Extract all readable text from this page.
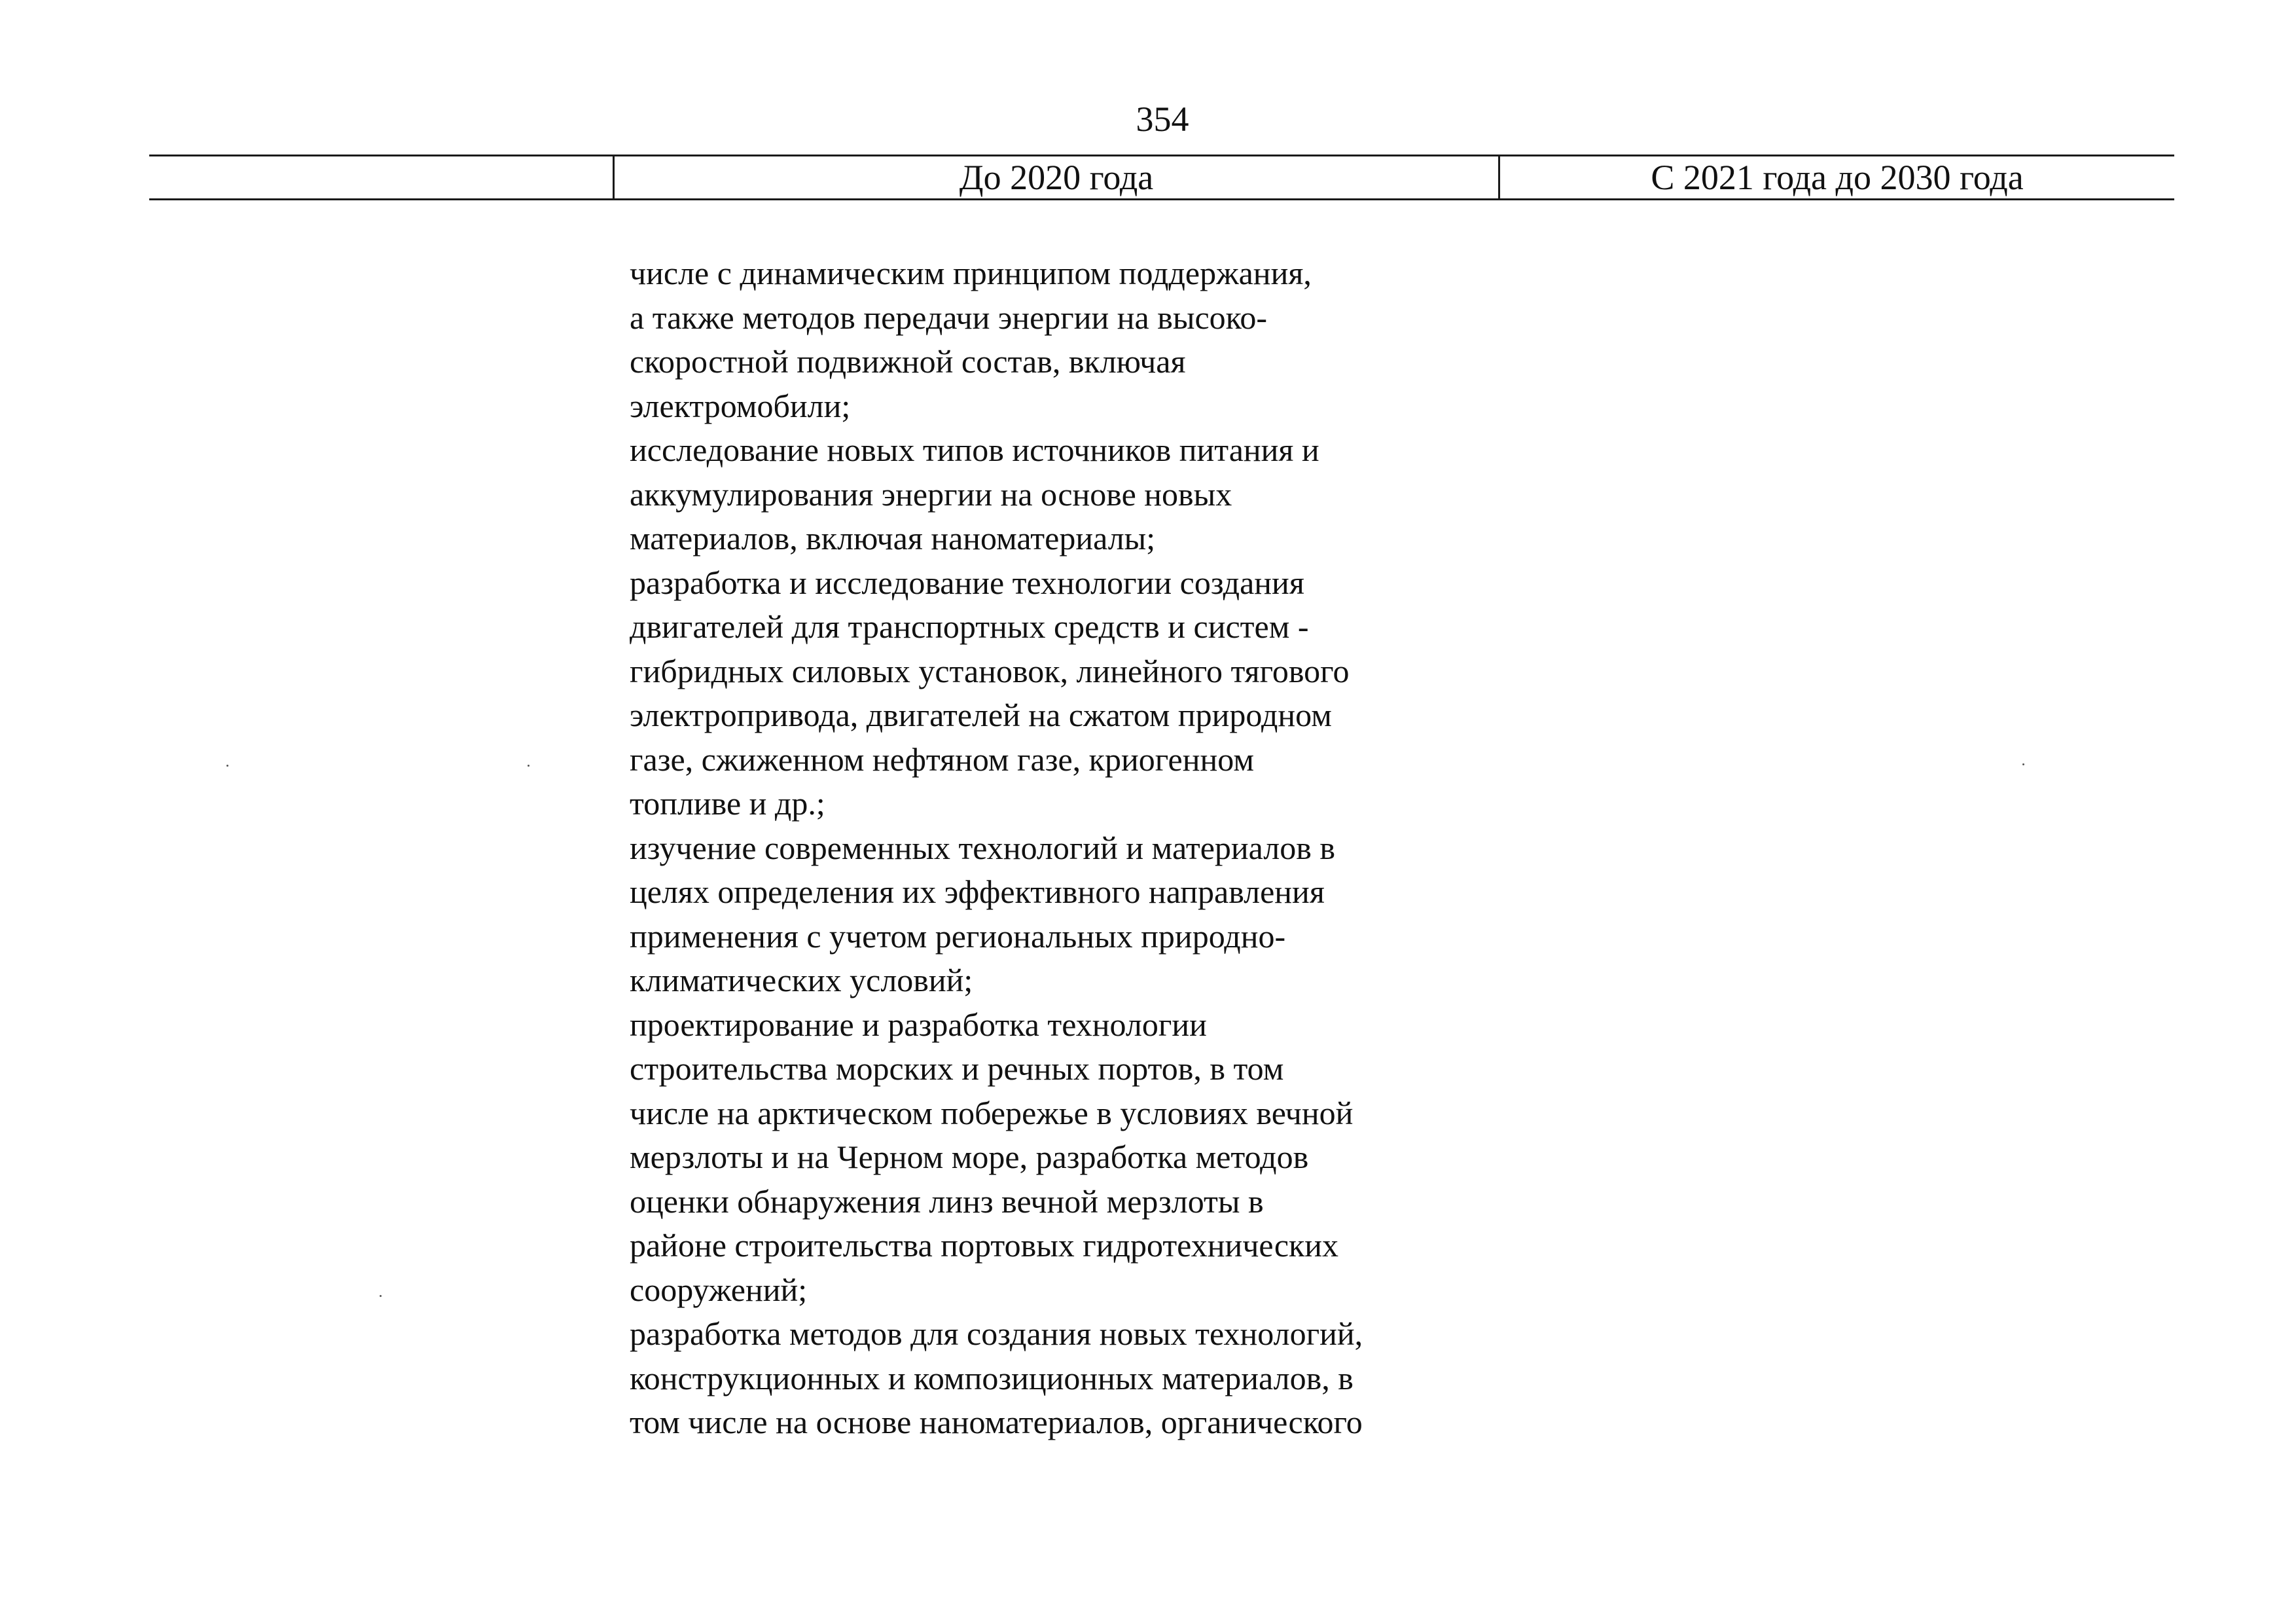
354
До 2020 года	С 2021 года до 2030 года
числе с динамическим принципом поддержания,
а также методов передачи энергии на высоко-
скоростной подвижной состав, включая
электромобили;
исследование новых типов источников питания и
аккумулирования энергии на основе новых
материалов, включая наноматериалы;
разработка и исследование технологии создания
двигателей для транспортных средств и систем -
гибридных силовых установок, линейного тягового
электропривода, двигателей на сжатом природном
газе, сжиженном нефтяном газе, криогенном
топливе и др.;
изучение современных технологий и материалов в
целях определения их эффективного направления
применения с учетом региональных природно-
климатических условий;
проектирование и разработка технологии
строительства морских и речных портов, в том
числе на арктическом побережье в условиях вечной
мерзлоты и на Черном море, разработка методов
оценки обнаружения линз вечной мерзлоты в
районе строительства портовых гидротехнических
сооружений;
разработка методов для создания новых технологий,
конструкционных и композиционных материалов, в
том числе на основе наноматериалов, органического
